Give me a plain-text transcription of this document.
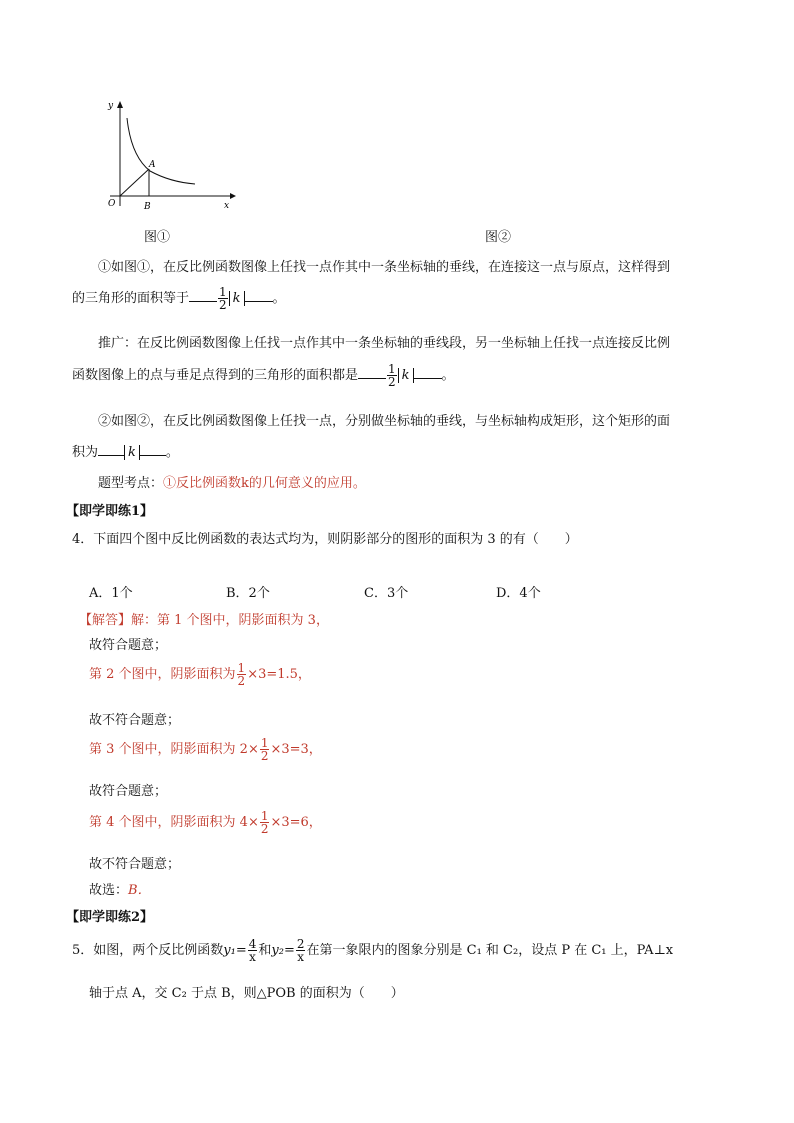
y
x
O
A
B
图①	图②
①如图①，在反比例函数图像上任找一点作其中一条坐标轴的垂线，在连接这一点与原点，这样得到
的三角形的面积等于 $\frac{1}{2}$ k 。
推广：在反比例函数图像上任找一点作其中一条坐标轴的垂线段，另一坐标轴上任找一点连接反比例
函数图像上的点与垂足点得到的三角形的面积都是 $\frac{1}{2}$ k 。
②如图②，在反比例函数图像上任找一点，分别做坐标轴的垂线，与坐标轴构成矩形，这个矩形的面
积为 k 。
题型考点：①反比例函数k的几何意义的应用。
【即学即练1】
4．下面四个图中反比例函数的表达式均为，则阴影部分的图形的面积为 3 的有（　　）
A．1个	B．2个	C．3个	D．4个
【解答】解：第 1 个图中，阴影面积为 3，
故符合题意；
第 2 个图中，阴影面积为 $\frac{1}{2} \times 3=1.5$，
故不符合题意；
第 3 个图中，阴影面积为 $2\times \frac{1}{2} \times 3=3$，
故符合题意；
第 4 个图中，阴影面积为 $4\times \frac{1}{2} \times 3=6$，
故不符合题意；
故选：B．
【即学即练2】
5．如图，两个反比例函数$y_1= \frac{4}{x}$ 和$y_2= \frac{2}{x}$ 在第一象限内的图象分别是 C₁ 和 C₂，设点 P 在 C₁ 上，PA⊥x
轴于点 A，交 C₂ 于点 B，则△POB 的面积为（　　）
